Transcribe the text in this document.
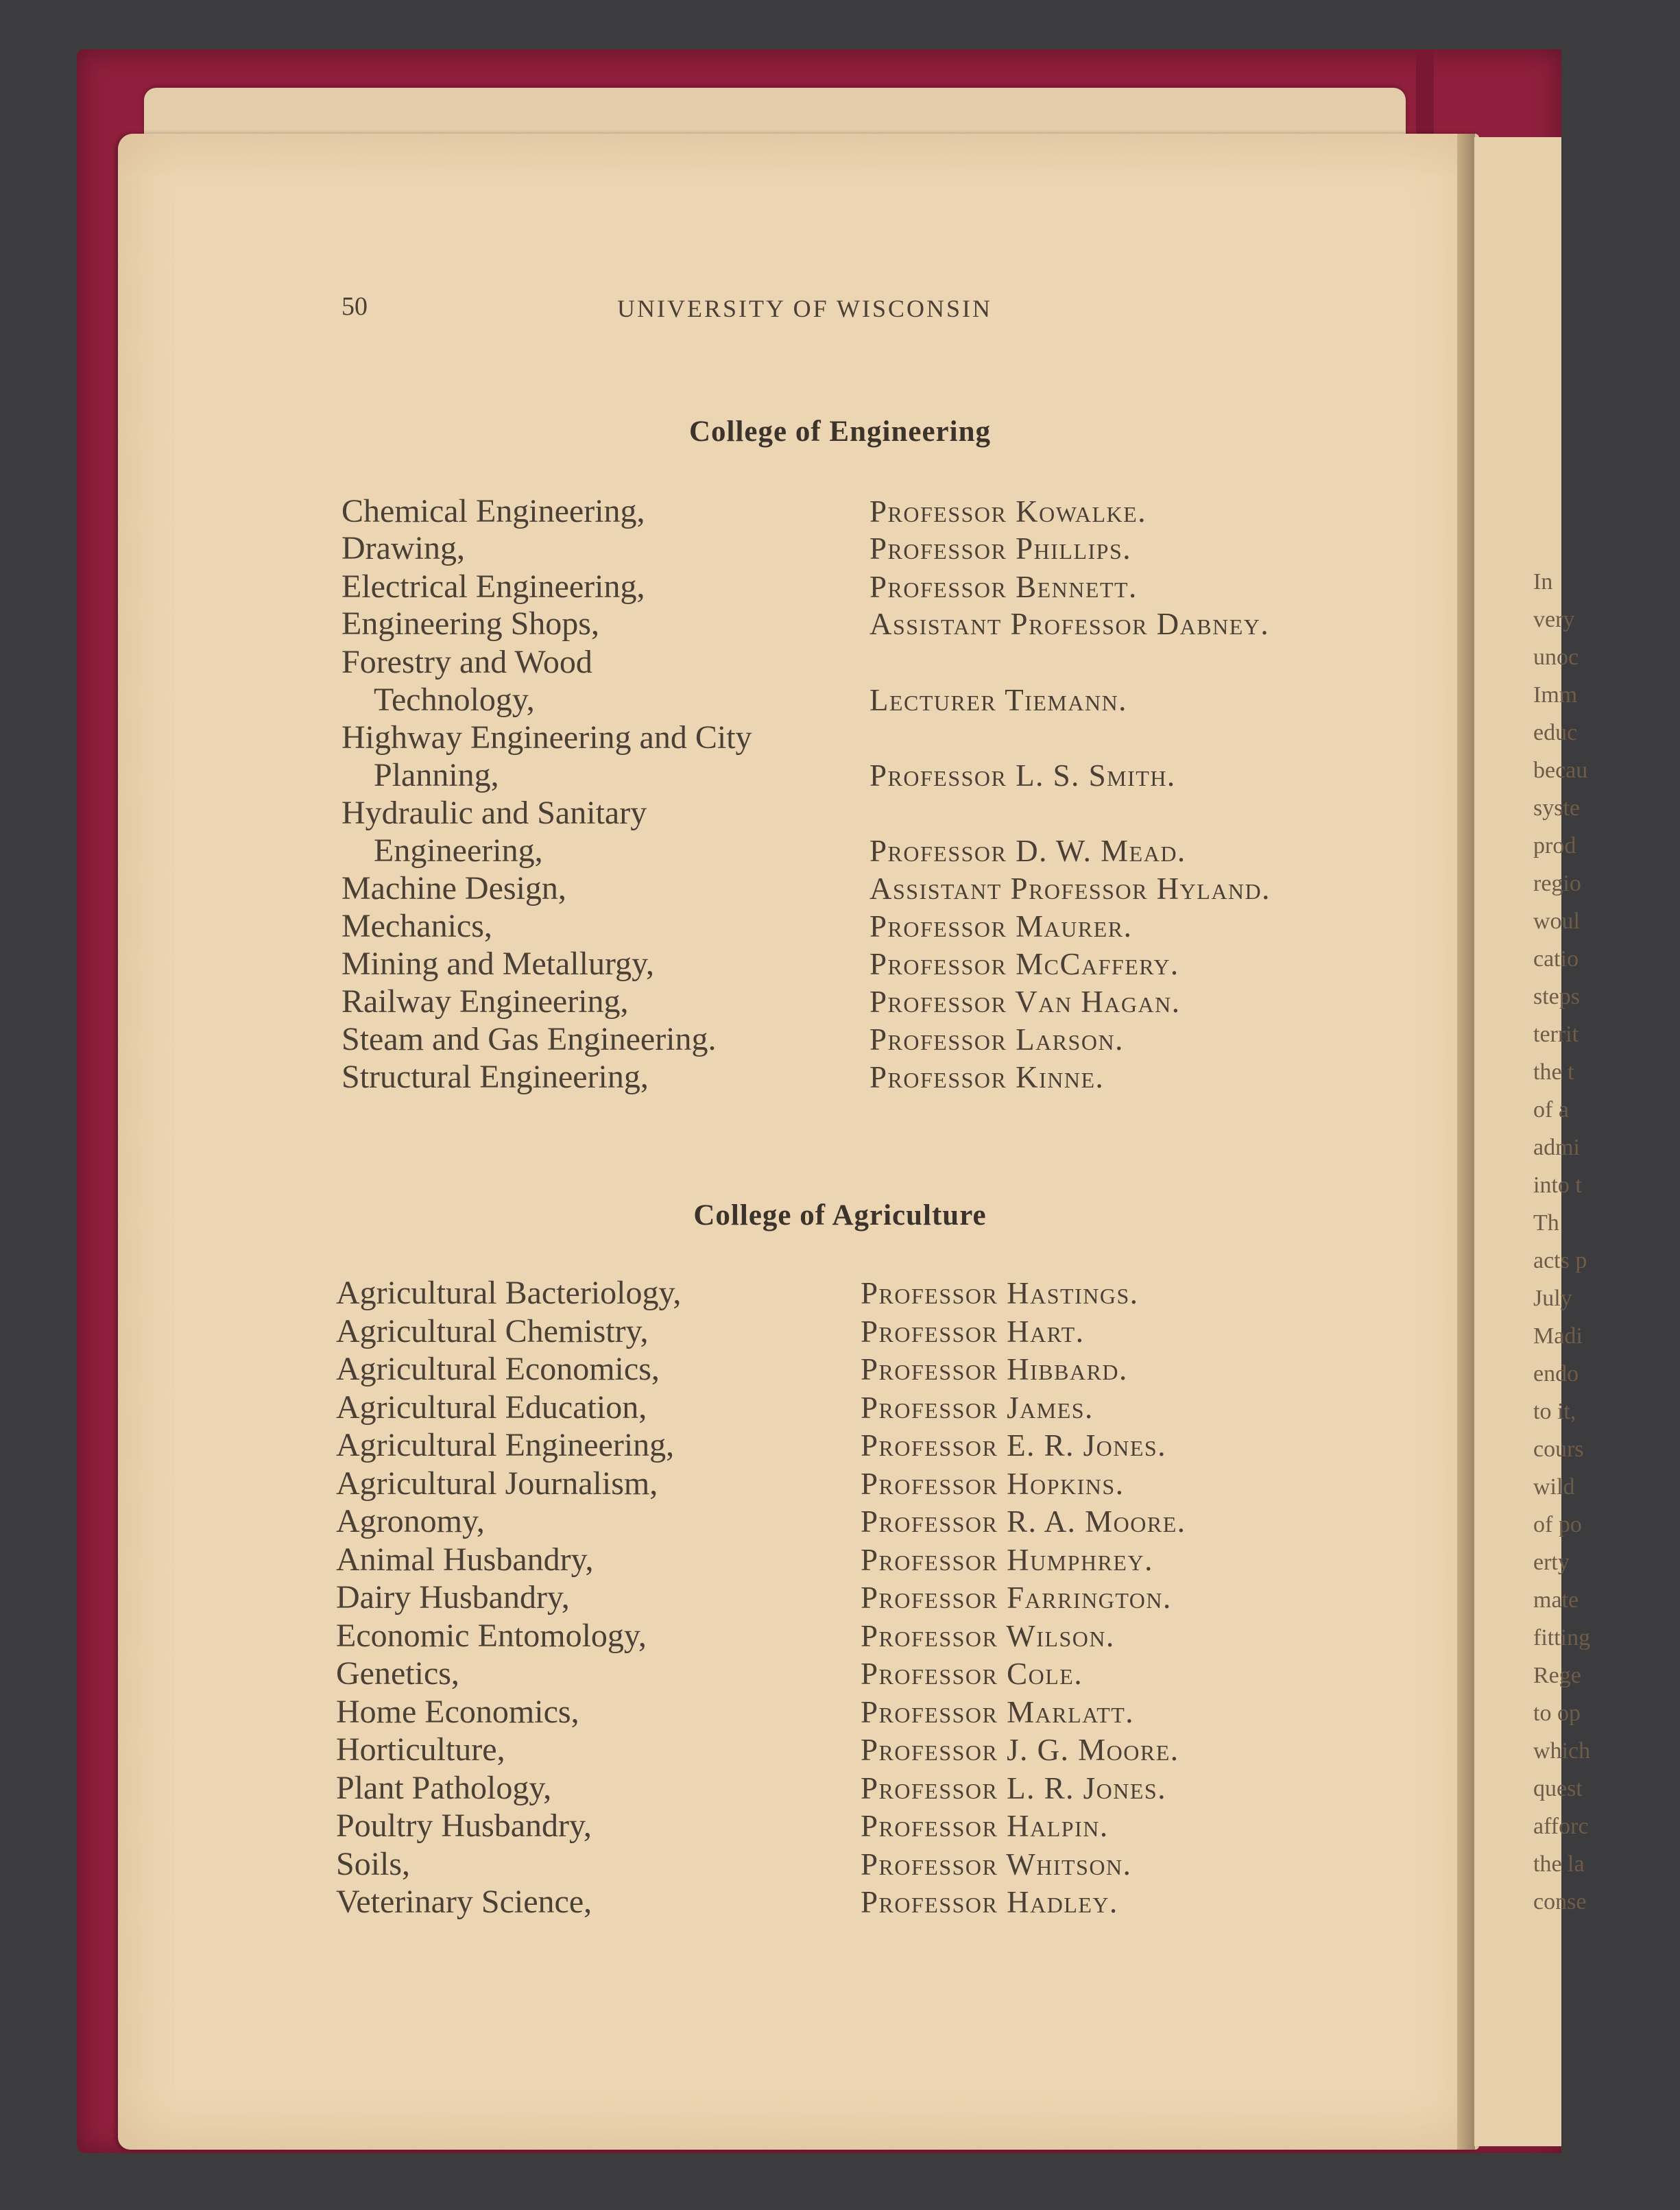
In
very
unoc
Imm
educ
becau
syste
prod
regio
woul
catio
steps
territ
the t
of a
admi
into t
Th
acts p
July
Madi
endo
to it,
cours
wild
of po
erty
mate
fitting
Rege
to op
which
quest
afforc
the la
conse
50	UNIVERSITY OF WISCONSIN
College of Engineering
Chemical Engineering,	Professor Kowalke.
Drawing,	Professor Phillips.
Electrical Engineering,	Professor Bennett.
Engineering Shops,	Assistant Professor Dabney.
Forestry and Wood
Technology,	Lecturer Tiemann.
Highway Engineering and City
Planning,	Professor L. S. Smith.
Hydraulic and Sanitary
Engineering,	Professor D. W. Mead.
Machine Design,	Assistant Professor Hyland.
Mechanics,	Professor Maurer.
Mining and Metallurgy,	Professor McCaffery.
Railway Engineering,	Professor Van Hagan.
Steam and Gas Engineering.	Professor Larson.
Structural Engineering,	Professor Kinne.
College of Agriculture
Agricultural Bacteriology,	Professor Hastings.
Agricultural Chemistry,	Professor Hart.
Agricultural Economics,	Professor Hibbard.
Agricultural Education,	Professor James.
Agricultural Engineering,	Professor E. R. Jones.
Agricultural Journalism,	Professor Hopkins.
Agronomy,	Professor R. A. Moore.
Animal Husbandry,	Professor Humphrey.
Dairy Husbandry,	Professor Farrington.
Economic Entomology,	Professor Wilson.
Genetics,	Professor Cole.
Home Economics,	Professor Marlatt.
Horticulture,	Professor J. G. Moore.
Plant Pathology,	Professor L. R. Jones.
Poultry Husbandry,	Professor Halpin.
Soils,	Professor Whitson.
Veterinary Science,	Professor Hadley.
